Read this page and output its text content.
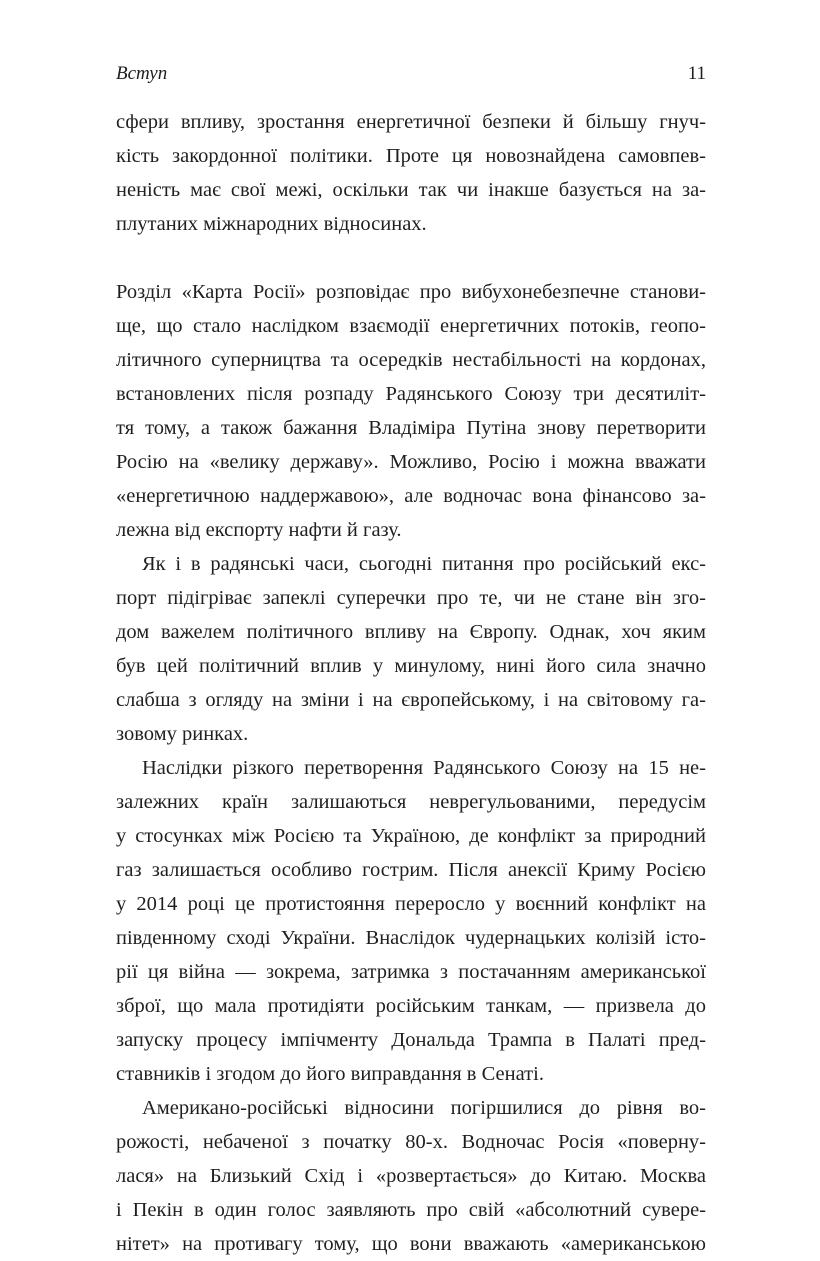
Вступ	11

сфери впливу, зростання енергетичної безпеки й більшу гнуч-
кість закордонної політики. Проте ця новознайдена самовпев-
неність має свої межі, оскільки так чи інакше базується на за-
плутаних міжнародних відносинах.

Розділ «Карта Росії» розповідає про вибухонебезпечне станови-
ще, що стало наслідком взаємодії енергетичних потоків, геопо-
літичного суперництва та осередків нестабільності на кордонах,
встановлених після розпаду Радянського Союзу три десятиліт-
тя тому, а також бажання Владіміра Путіна знову перетворити
Росію на «велику державу». Можливо, Росію і можна вважати
«енергетичною наддержавою», але водночас вона фінансово за-
лежна від експорту нафти й газу.

Як і в радянські часи, сьогодні питання про російський екс-
порт підігріває запеклі суперечки про те, чи не стане він зго-
дом важелем політичного впливу на Європу. Однак, хоч яким
був цей політичний вплив у минулому, нині його сила значно
слабша з огляду на зміни і на європейському, і на світовому га-
зовому ринках.

Наслідки різкого перетворення Радянського Союзу на 15 не-
залежних країн залишаються неврегульованими, передусім
у стосунках між Росією та Україною, де конфлікт за природний
газ залишається особливо гострим. Після анексії Криму Росією
у 2014 році це протистояння переросло у воєнний конфлікт на
південному сході України. Внаслідок чудернацьких колізій істо-
рії ця війна — зокрема, затримка з постачанням американської
зброї, що мала протидіяти російським танкам, — призвела до
запуску процесу імпічменту Дональда Трампа в Палаті пред-
ставників і згодом до його виправдання в Сенаті.

Американо-російські відносини погіршилися до рівня во-
рожості, небаченої з початку 80-х. Водночас Росія «поверну-
лася» на Близький Схід і «розвертається» до Китаю. Москва
і Пекін в один голос заявляють про свій «абсолютний сувере-
нітет» на противагу тому, що вони вважають «американською
